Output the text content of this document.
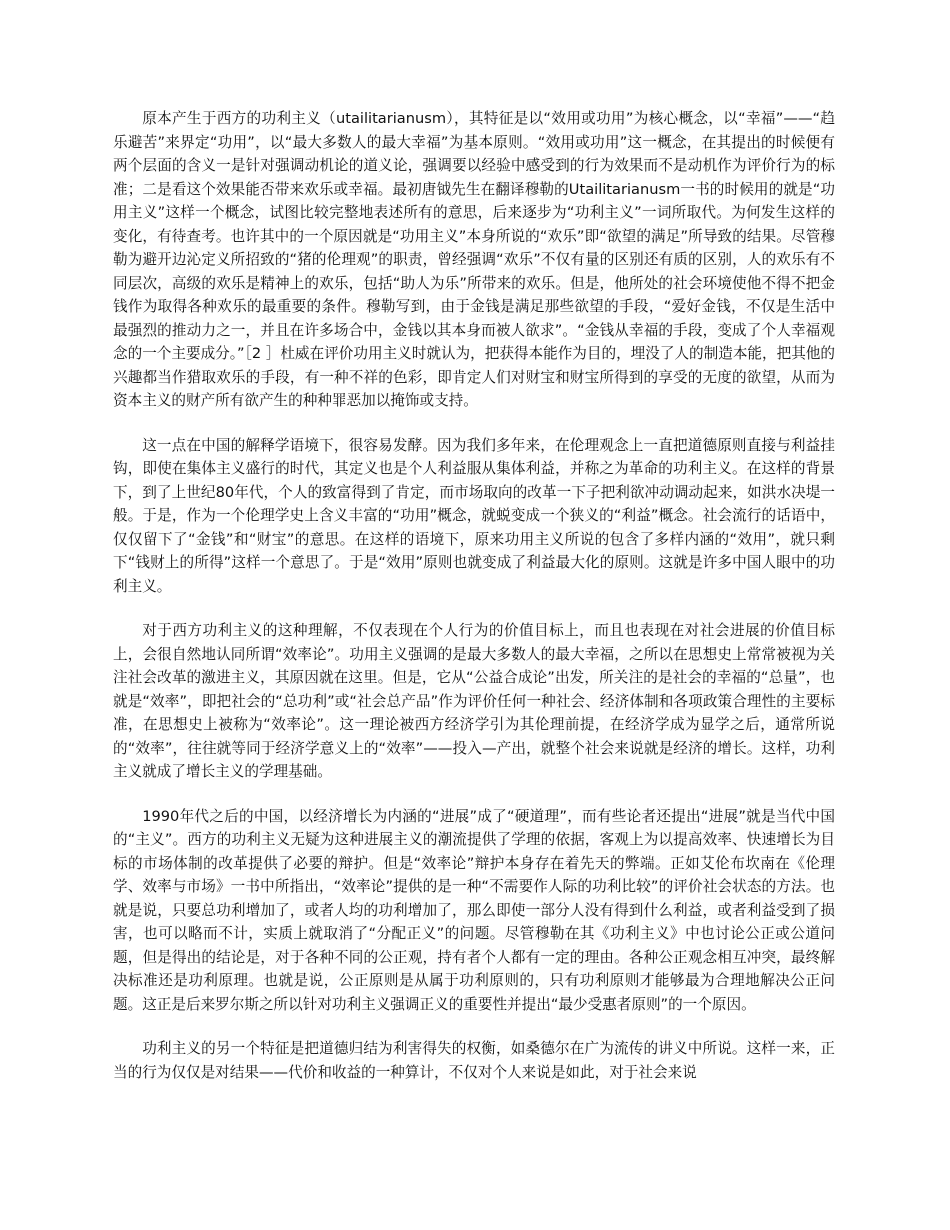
原本产生于西方的功利主义（utailitarianusm），其特征是以“效用或功用”为核心概念，以“幸福”——“趋乐避苦”来界定“功用”，以“最大多数人的最大幸福”为基本原则。“效用或功用”这一概念，在其提出的时候便有两个层面的含义一是针对强调动机论的道义论，强调要以经验中感受到的行为效果而不是动机作为评价行为的标准；二是看这个效果能否带来欢乐或幸福。最初唐钺先生在翻译穆勒的Utailitarianusm一书的时候用的就是“功用主义”这样一个概念，试图比较完整地表述所有的意思，后来逐步为“功利主义”一词所取代。为何发生这样的变化，有待查考。也许其中的一个原因就是“功用主义”本身所说的“欢乐”即“欲望的满足”所导致的结果。尽管穆勒为避开边沁定义所招致的“猪的伦理观”的职责，曾经强调“欢乐”不仅有量的区别还有质的区别，人的欢乐有不同层次，高级的欢乐是精神上的欢乐，包括“助人为乐”所带来的欢乐。但是，他所处的社会环境使他不得不把金钱作为取得各种欢乐的最重要的条件。穆勒写到，由于金钱是满足那些欲望的手段，“爱好金钱，不仅是生活中最强烈的推动力之一，并且在许多场合中，金钱以其本身而被人欲求”。“金钱从幸福的手段，变成了个人幸福观念的一个主要成分。”［2 ］杜威在评价功用主义时就认为，把获得本能作为目的，埋没了人的制造本能，把其他的兴趣都当作猎取欢乐的手段，有一种不祥的色彩，即肯定人们对财宝和财宝所得到的享受的无度的欲望，从而为资本主义的财产所有欲产生的种种罪恶加以掩饰或支持。

这一点在中国的解释学语境下，很容易发酵。因为我们多年来，在伦理观念上一直把道德原则直接与利益挂钩，即使在集体主义盛行的时代，其定义也是个人利益服从集体利益，并称之为革命的功利主义。在这样的背景下，到了上世纪80年代，个人的致富得到了肯定，而市场取向的改革一下子把利欲冲动调动起来，如洪水决堤一般。于是，作为一个伦理学史上含义丰富的“功用”概念，就蜕变成一个狭义的“利益”概念。社会流行的话语中，仅仅留下了“金钱”和“财宝”的意思。在这样的语境下，原来功用主义所说的包含了多样内涵的“效用”，就只剩下“钱财上的所得”这样一个意思了。于是“效用”原则也就变成了利益最大化的原则。这就是许多中国人眼中的功利主义。

对于西方功利主义的这种理解，不仅表现在个人行为的价值目标上，而且也表现在对社会进展的价值目标上，会很自然地认同所谓“效率论”。功用主义强调的是最大多数人的最大幸福，之所以在思想史上常常被视为关注社会改革的激进主义，其原因就在这里。但是，它从“公益合成论”出发，所关注的是社会的幸福的“总量”，也就是“效率”，即把社会的“总功利”或“社会总产品”作为评价任何一种社会、经济体制和各项政策合理性的主要标准，在思想史上被称为“效率论”。这一理论被西方经济学引为其伦理前提，在经济学成为显学之后，通常所说的“效率”，往往就等同于经济学意义上的“效率”——投入—产出，就整个社会来说就是经济的增长。这样，功利主义就成了增长主义的学理基础。

1990年代之后的中国，以经济增长为内涵的“进展”成了“硬道理”，而有些论者还提出“进展”就是当代中国的“主义”。西方的功利主义无疑为这种进展主义的潮流提供了学理的依据，客观上为以提高效率、快速增长为目标的市场体制的改革提供了必要的辩护。但是“效率论”辩护本身存在着先天的弊端。正如艾伦布坎南在《伦理学、效率与市场》一书中所指出，“效率论”提供的是一种“不需要作人际的功利比较”的评价社会状态的方法。也就是说，只要总功利增加了，或者人均的功利增加了，那么即使一部分人没有得到什么利益，或者利益受到了损害，也可以略而不计，实质上就取消了“分配正义”的问题。尽管穆勒在其《功利主义》中也讨论公正或公道问题，但是得出的结论是，对于各种不同的公正观，持有者个人都有一定的理由。各种公正观念相互冲突，最终解决标准还是功利原理。也就是说，公正原则是从属于功利原则的，只有功利原则才能够最为合理地解决公正问题。这正是后来罗尔斯之所以针对功利主义强调正义的重要性并提出“最少受惠者原则”的一个原因。

功利主义的另一个特征是把道德归结为利害得失的权衡，如桑德尔在广为流传的讲义中所说。这样一来，正当的行为仅仅是对结果——代价和收益的一种算计，不仅对个人来说是如此，对于社会来说
